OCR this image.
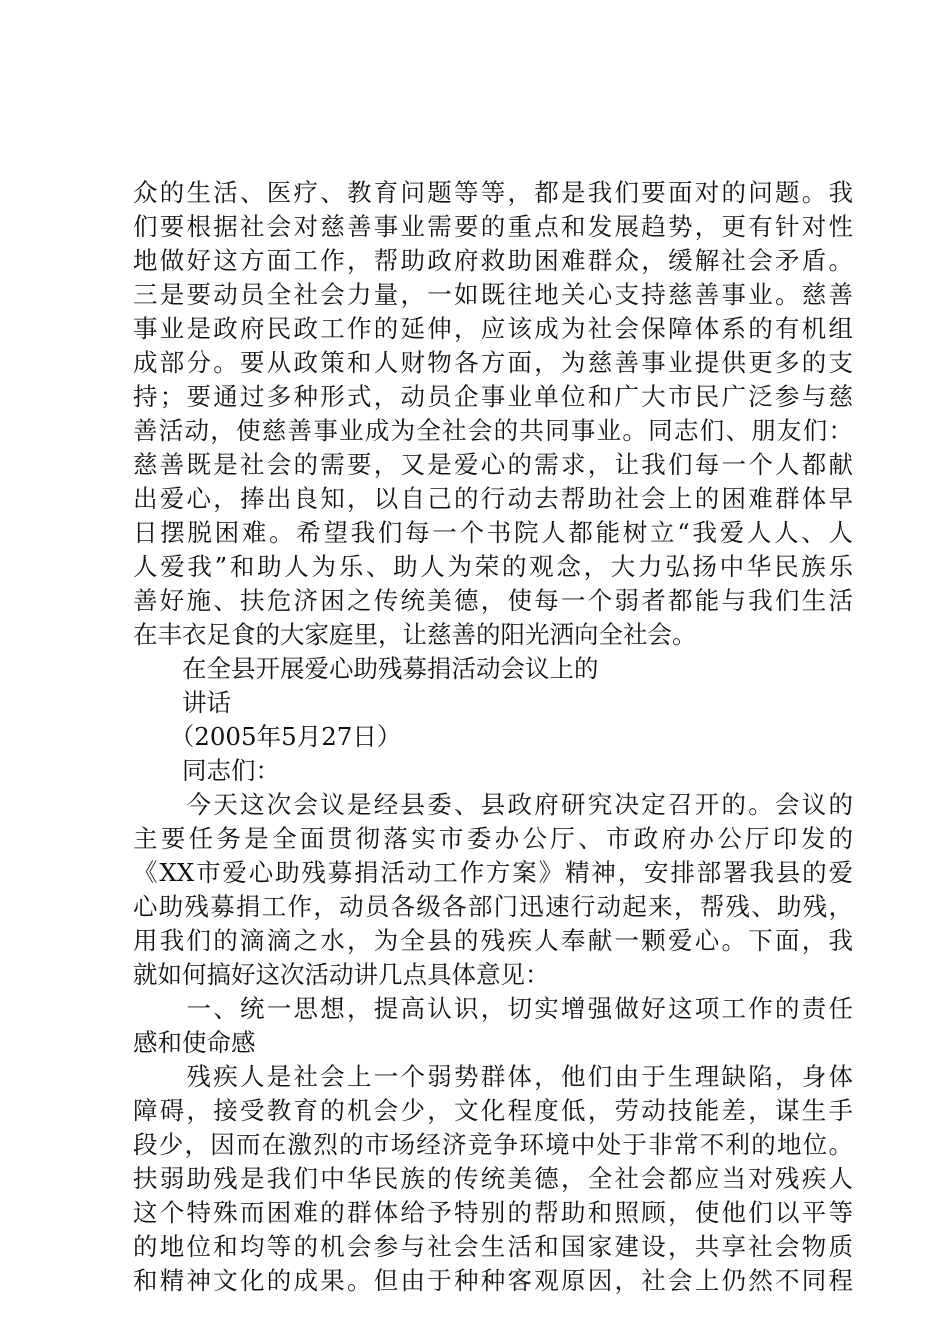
众的生活、医疗、教育问题等等，都是我们要面对的问题。我
们要根据社会对慈善事业需要的重点和发展趋势，更有针对性
地做好这方面工作，帮助政府救助困难群众，缓解社会矛盾。
三是要动员全社会力量，一如既往地关心支持慈善事业。慈善
事业是政府民政工作的延伸，应该成为社会保障体系的有机组
成部分。要从政策和人财物各方面，为慈善事业提供更多的支
持；要通过多种形式，动员企事业单位和广大市民广泛参与慈
善活动，使慈善事业成为全社会的共同事业。同志们、朋友们：
慈善既是社会的需要，又是爱心的需求，让我们每一个人都献
出爱心，捧出良知，以自己的行动去帮助社会上的困难群体早
日摆脱困难。希望我们每一个书院人都能树立“我爱人人、人
人爱我”和助人为乐、助人为荣的观念，大力弘扬中华民族乐
善好施、扶危济困之传统美德，使每一个弱者都能与我们生活
在丰衣足食的大家庭里，让慈善的阳光洒向全社会。
　　在全县开展爱心助残募捐活动会议上的
　　讲话
　　（2005年5月27日）
　　同志们：
　　今天这次会议是经县委、县政府研究决定召开的。会议的
主要任务是全面贯彻落实市委办公厅、市政府办公厅印发的
《XX市爱心助残募捐活动工作方案》精神，安排部署我县的爱
心助残募捐工作，动员各级各部门迅速行动起来，帮残、助残，
用我们的滴滴之水，为全县的残疾人奉献一颗爱心。下面，我
就如何搞好这次活动讲几点具体意见：
　　一、统一思想，提高认识，切实增强做好这项工作的责任
感和使命感
　　残疾人是社会上一个弱势群体，他们由于生理缺陷，身体
障碍，接受教育的机会少，文化程度低，劳动技能差，谋生手
段少，因而在激烈的市场经济竞争环境中处于非常不利的地位。
扶弱助残是我们中华民族的传统美德，全社会都应当对残疾人
这个特殊而困难的群体给予特别的帮助和照顾，使他们以平等
的地位和均等的机会参与社会生活和国家建设，共享社会物质
和精神文化的成果。但由于种种客观原因，社会上仍然不同程
